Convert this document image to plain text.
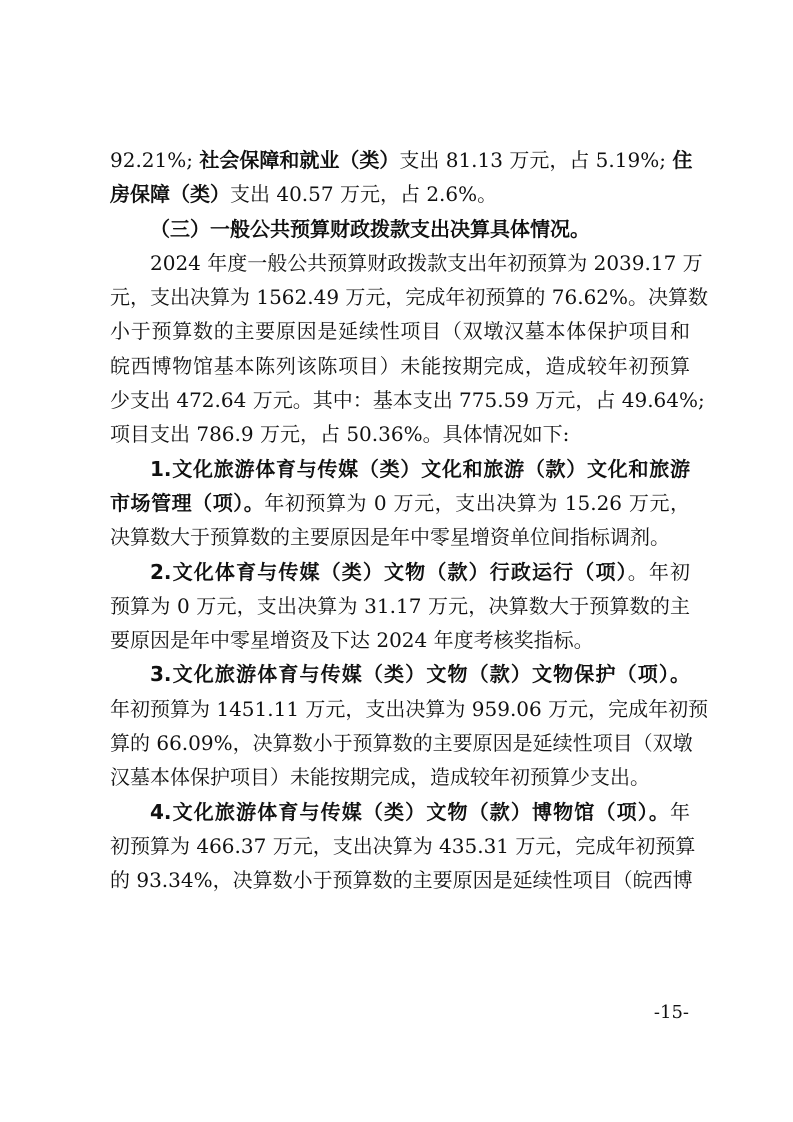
92.21%; 社会保障和就业（类）支出 81.13 万元，占 5.19%; 住
房保障（类）支出 40.57 万元，占 2.6%。
（三）一般公共预算财政拨款支出决算具体情况。
2024 年度一般公共预算财政拨款支出年初预算为 2039.17 万
元，支出决算为 1562.49 万元，完成年初预算的 76.62%。决算数
小于预算数的主要原因是延续性项目（双墩汉墓本体保护项目和
皖西博物馆基本陈列该陈项目）未能按期完成，造成较年初预算
少支出 472.64 万元。其中：基本支出 775.59 万元，占 49.64%;
项目支出 786.9 万元，占 50.36%。具体情况如下:
1.文化旅游体育与传媒（类）文化和旅游（款）文化和旅游
市场管理（项）。年初预算为 0 万元，支出决算为 15.26 万元，
决算数大于预算数的主要原因是年中零星增资单位间指标调剂。
2.文化体育与传媒（类）文物（款）行政运行（项）。年初
预算为 0 万元，支出决算为 31.17 万元，决算数大于预算数的主
要原因是年中零星增资及下达 2024 年度考核奖指标。
3.文化旅游体育与传媒（类）文物（款）文物保护（项）。
年初预算为 1451.11 万元，支出决算为 959.06 万元，完成年初预
算的 66.09%，决算数小于预算数的主要原因是延续性项目（双墩
汉墓本体保护项目）未能按期完成，造成较年初预算少支出。
4.文化旅游体育与传媒（类）文物（款）博物馆（项）。年
初预算为 466.37 万元，支出决算为 435.31 万元，完成年初预算
的 93.34%，决算数小于预算数的主要原因是延续性项目（皖西博
-15-
